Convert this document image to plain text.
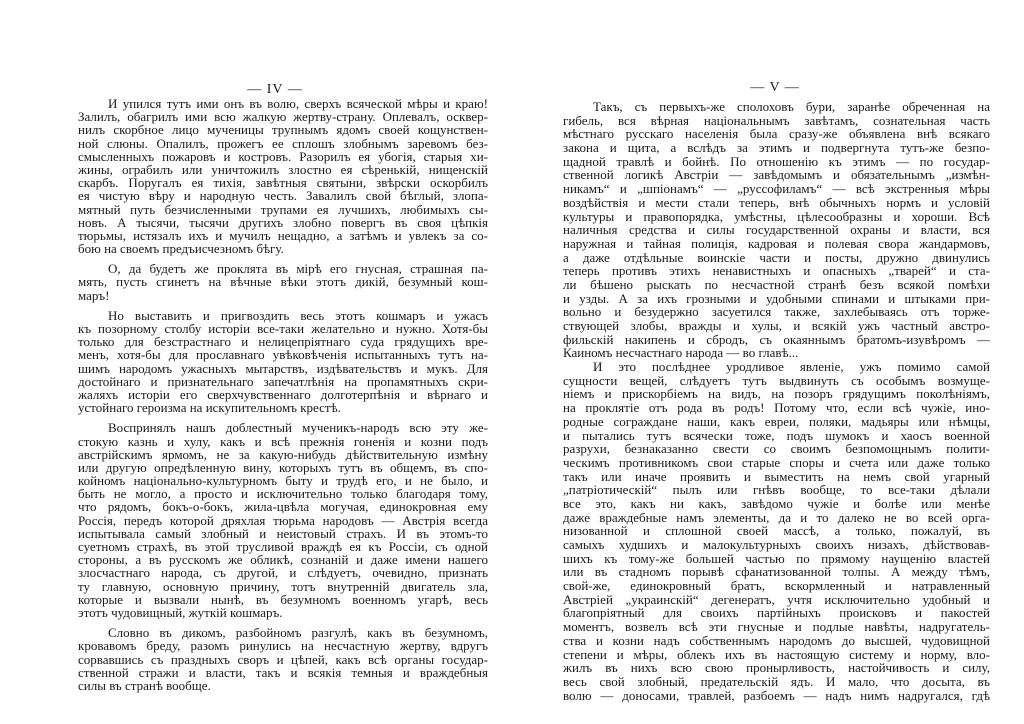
— IV —	— V —
И упился тутъ ими онъ въ волю, сверхъ всяческой мѣры и краю!
Залилъ, обагрилъ ими всю жалкую жертву-страну. Оплевалъ, осквер-
нилъ скорбное лицо мученицы трупнымъ ядомъ своей кощунствен-
ной слюны. Опалилъ, прожегъ ее сплошъ злобнымъ заревомъ без-
смысленныхъ пожаровъ и костровъ. Разорилъ ея убогія, старыя хи-
жины, ограбилъ или уничтожилъ злостно ея сѣренькій, нищенскій
скарбъ. Поругалъ ея тихія, завѣтныя святыни, звѣрски оскорбилъ
ея чистую вѣру и народную честь. Завалилъ свой бѣглый, злопа-
мятный путь безчисленными трупами ея лучшихъ, любимыхъ сы-
новъ. А тысячи, тысячи другихъ злобно повергъ въ своя цѣпкія
тюрьмы, истязалъ ихъ и мучилъ нещадно, а затѣмъ и увлекъ за со-
бою на своемъ предъисчезномъ бѣгу.
О, да будетъ же проклята въ мірѣ его гнусная, страшная па-
мять, пусть сгинетъ на вѣчные вѣки этотъ дикій, безумный кош-
маръ!
Но выставить и пригвоздить весь этотъ кошмаръ и ужасъ
къ позорному столбу исторіи все-таки желательно и нужно. Хотя-бы
только для безстрастнаго и нелицепріятнаго суда грядущихъ вре-
менъ, хотя-бы для прославнаго увѣковѣченія испытанныхъ тутъ на-
шимъ народомъ ужасныхъ мытарствъ, издѣвательствъ и мукъ. Для
достойнаго и признательнаго запечатлѣнія на пропамятныхъ скри-
жаляхъ исторіи его сверхчувственнаго долготерпѣнія и вѣрнаго и
устойнаго героизма на искупительномъ крестѣ.
Воспринялъ нашъ доблестный мученикъ-народъ всю эту же-
стокую казнь и хулу, какъ и всѣ прежнія гоненія и козни подъ
австрійскимъ ярмомъ, не за какую-нибудь дѣйствительную измѣну
или другую опредѣленную вину, которыхъ тутъ въ общемъ, въ спо-
койномъ національно-культурномъ быту и трудѣ его, и не было, и
быть не могло, а просто и исключительно только благодаря тому,
что рядомъ, бокъ-о-бокъ, жила-цвѣла могучая, единокровная ему
Россія, передъ которой дряхлая тюрьма народовъ — Австрія всегда
испытывала самый злобный и неистовый страхъ. И въ этомъ-то
суетномъ страхѣ, въ этой трусливой враждѣ ея къ Россіи, съ одной
стороны, а въ русскомъ же обликѣ, сознаній и даже имени нашего
злосчастнаго народа, съ другой, и слѣдуетъ, очевидно, признать
ту главную, основную причину, тотъ внутренній двигатель зла,
которые и вызвали нынѣ, въ безумномъ военномъ угарѣ, весь
этотъ чудовищный, жуткій кошмаръ.
Словно въ дикомъ, разбойномъ разгулѣ, какъ въ безумномъ,
кровавомъ бреду, разомъ ринулись на несчастную жертву, вдругъ
сорвавшись съ праздныхъ своръ и цѣпей, какъ всѣ органы государ-
ственной стражи и власти, такъ и всякія темныя и враждебныя
силы въ странѣ вообще.
Такъ, съ первыхъ-же сполоховъ бури, заранѣе обреченная на
гибель, вся вѣрная національнымъ завѣтамъ, сознательная часть
мѣстнаго русскаго населенія была сразу-же объявлена внѣ всякаго
закона и щита, а вслѣдъ за этимъ и подвергнута тутъ-же безпо-
щадной травлѣ и бойнѣ. По отношенію къ этимъ — по государ-
ственной логикѣ Австріи — завѣдомымъ и обязательнымъ „измѣн-
никамъ“ и „шпіонамъ“ — „руссофиламъ“ — всѣ экстренныя мѣры
воздѣйствія и мести стали теперь, внѣ обычныхъ нормъ и условій
культуры и правопорядка, умѣстны, цѣлесообразны и хороши. Всѣ
наличныя средства и силы государственной охраны и власти, вся
наружная и тайная полиція, кадровая и полевая свора жандармовъ,
а даже отдѣльные воинскіе части и посты, дружно двинулись
теперь противъ этихъ ненавистныхъ и опасныхъ „тварей“ и ста-
ли бѣшено рыскать по несчастной странѣ безъ всякой помѣхи
и узды. А за ихъ грозными и удобными спинами и штыками при-
вольно и безудержно засуетился также, захлебываясь отъ торже-
ствующей злобы, вражды и хулы, и всякій ужъ частный австро-
фильскій накипень и сбродъ, съ окаяннымъ братомъ-изувѣромъ —
Каиномъ несчастнаго народа — во главѣ...
И это послѣднее уродливое явленіе, ужъ помимо самой
сущности вещей, слѣдуетъ тутъ выдвинуть съ особымъ возмуще-
ніемъ и прискорбіемъ на видъ, на позоръ грядущимъ поколѣніямъ,
на проклятіе отъ рода въ родъ! Потому что, если всѣ чужіе, ино-
родные сограждане наши, какъ евреи, поляки, мадьяры или нѣмцы,
и пытались тутъ всячески тоже, подъ шумокъ и хаосъ военной
разрухи, безнаказанно свести со своимъ безпомощнымъ полити-
ческимъ противникомъ свои старые споры и счета или даже только
такъ или иначе проявить и выместить на немъ свой угарный
„патріотическій“ пылъ или гнѣвъ вообще, то все-таки дѣлали
все это, какъ ни какъ, завѣдомо чужіе и болѣе или менѣе
даже враждебные намъ элементы, да и то далеко не во всей орга-
низованной и сплошной своей массѣ, а только, пожалуй, въ
самыхъ худшихъ и малокультурныхъ своихъ низахъ, дѣйствовав-
шихъ къ тому-же большей частью по прямому наущенію властей
или въ стадномъ порывѣ сфанатизованной толпы. А между тѣмъ,
свой-же, единокровный братъ, вскормленный и натравленный
Австріей „украинскій“ дегенератъ, учтя исключительно удобный и
благопріятный для своихъ партійныхъ происковъ и пакостей
моментъ, возвелъ всѣ эти гнусные и подлые навѣты, надругатель-
ства и козни надъ собственнымъ народомъ до высшей, чудовищной
степени и мѣры, облекъ ихъ въ настоящую систему и норму, вло-
жилъ въ нихъ всю свою пронырливость, настойчивость и силу,
весь свой злобный, предательскій ядъ. И мало, что досыта, въ
волю — доносами, травлей, разбоемъ — надъ нимъ надругался, гдѣ
